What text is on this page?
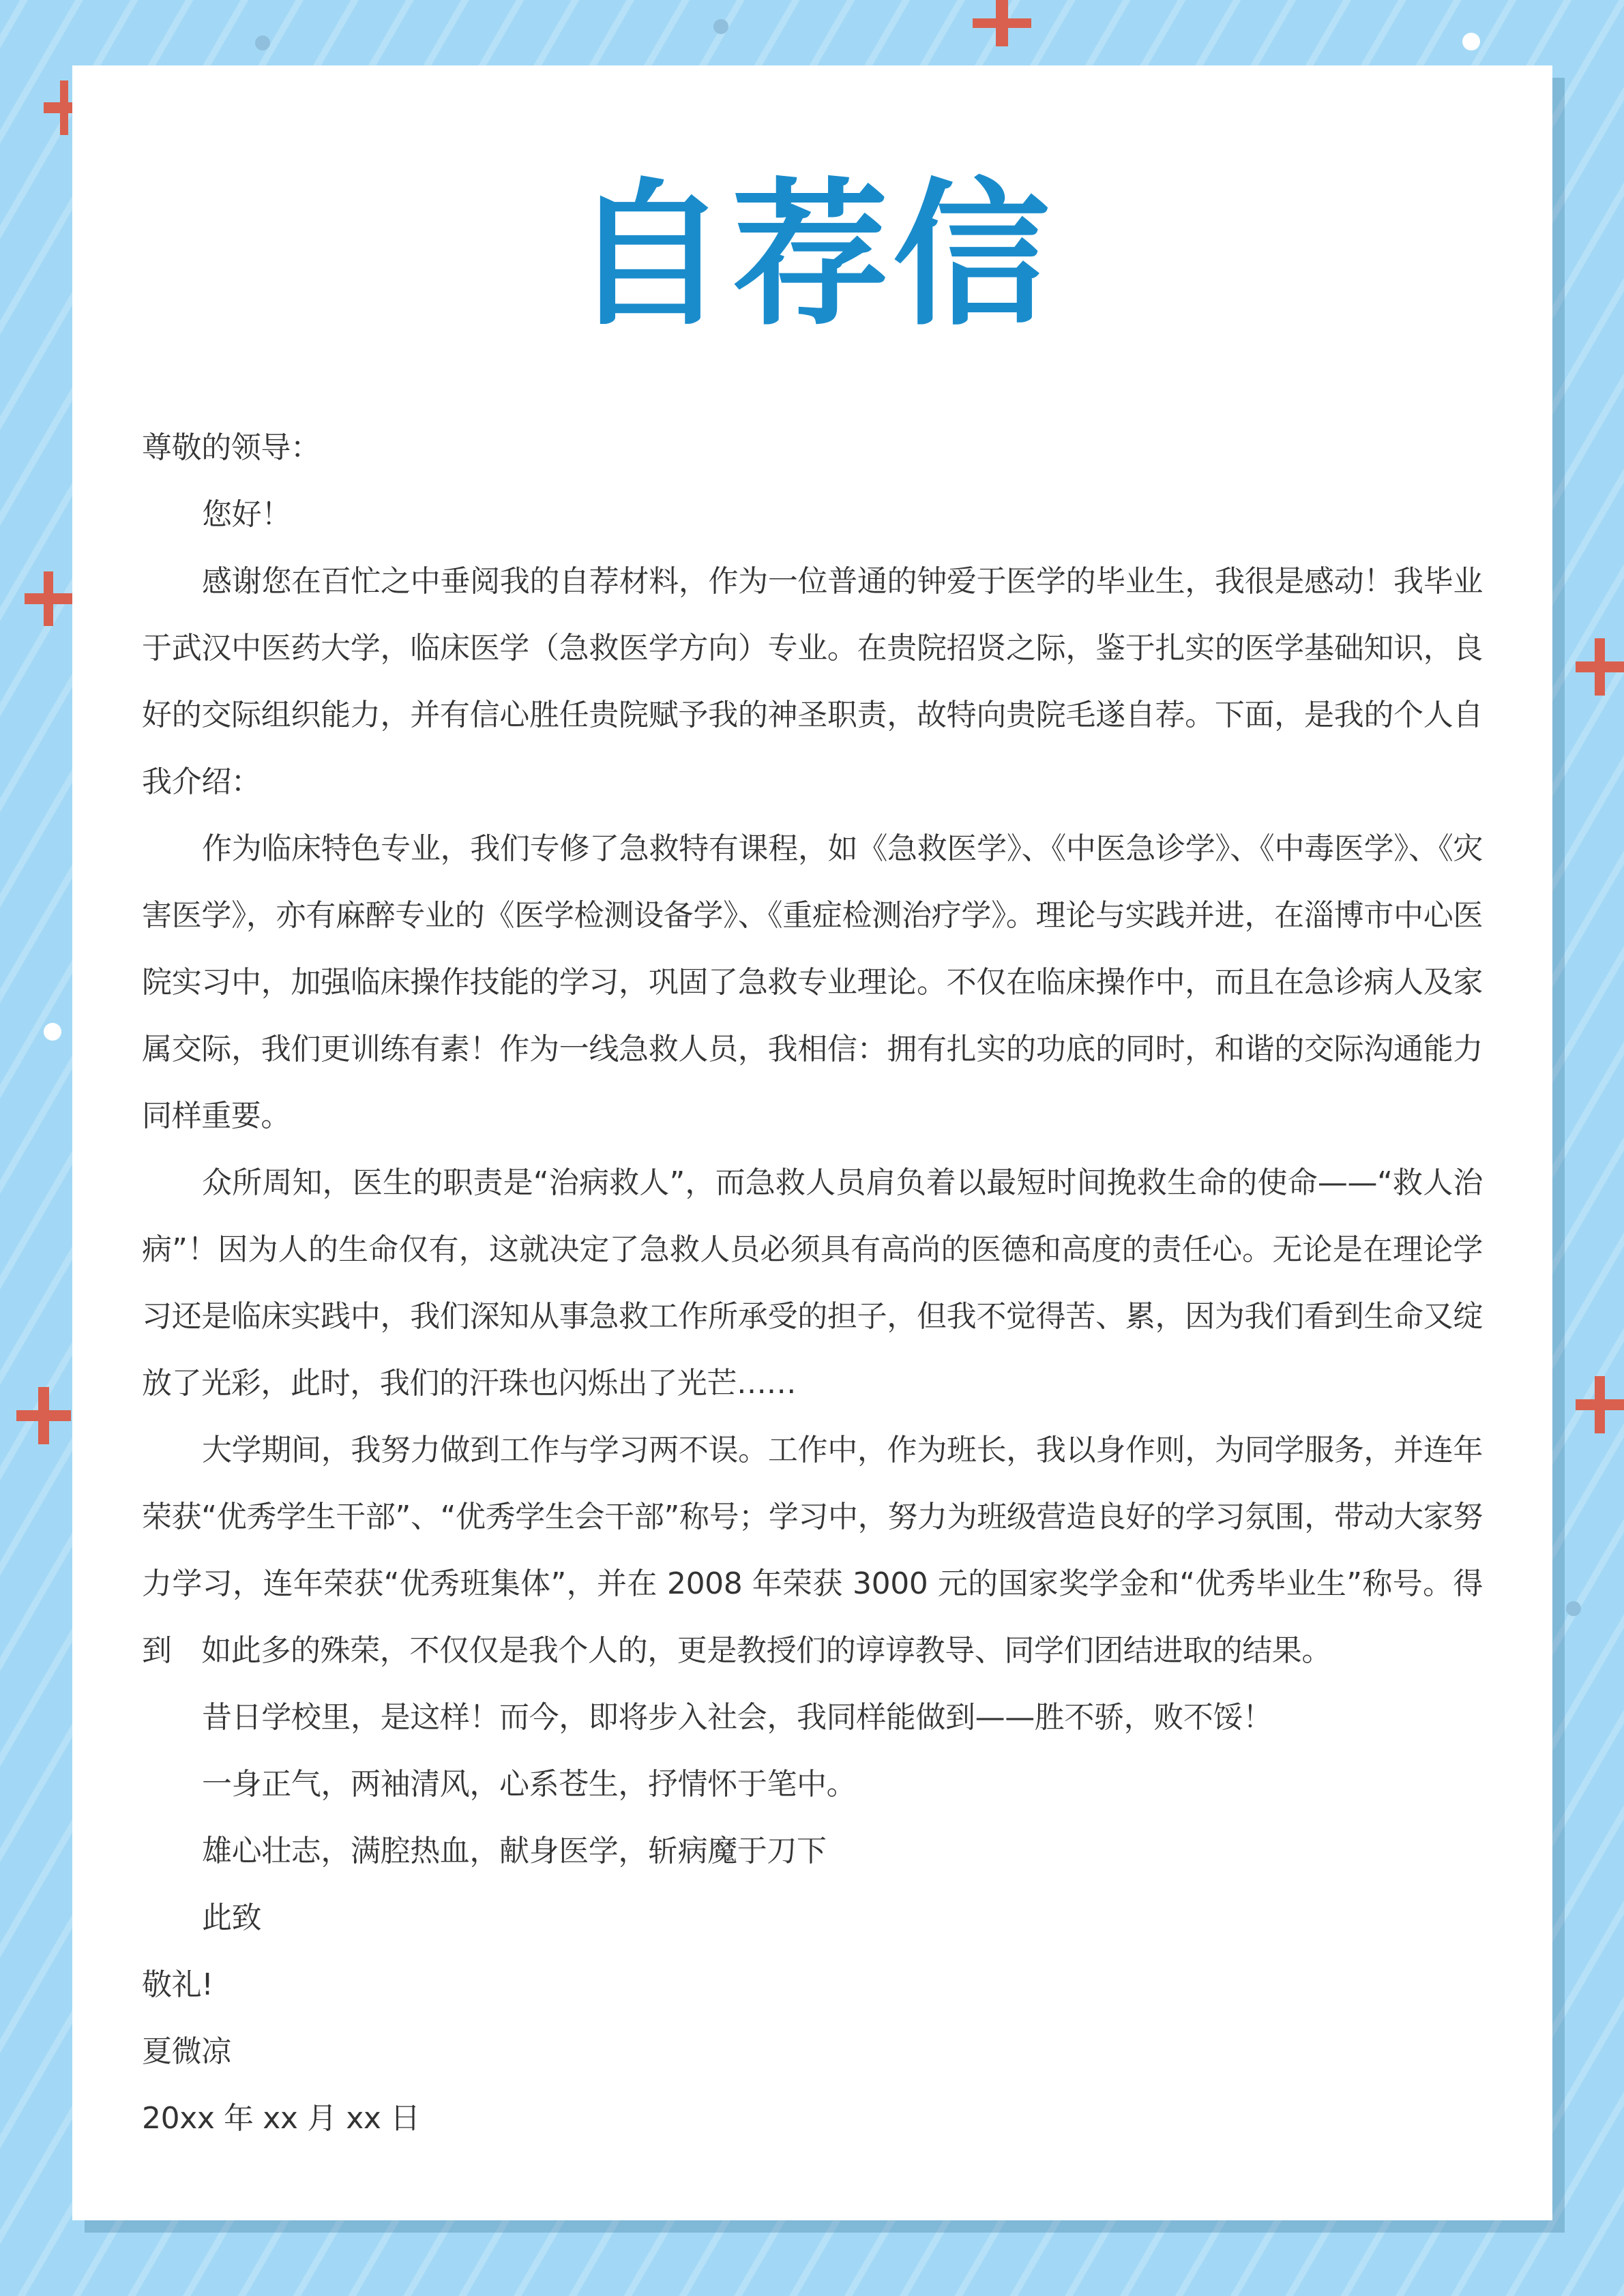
自荐信

尊敬的领导：

您好！

感谢您在百忙之中垂阅我的自荐材料，作为一位普通的钟爱于医学的毕业生，我很是感动！我毕业于武汉中医药大学，临床医学（急救医学方向）专业。在贵院招贤之际，鉴于扎实的医学基础知识，良好的交际组织能力，并有信心胜任贵院赋予我的神圣职责，故特向贵院毛遂自荐。下面，是我的个人自我介绍：

作为临床特色专业，我们专修了急救特有课程，如《急救医学》、《中医急诊学》、《中毒医学》、《灾害医学》，亦有麻醉专业的《医学检测设备学》、《重症检测治疗学》。理论与实践并进，在淄博市中心医院实习中，加强临床操作技能的学习，巩固了急救专业理论。不仅在临床操作中，而且在急诊病人及家属交际，我们更训练有素！作为一线急救人员，我相信：拥有扎实的功底的同时，和谐的交际沟通能力同样重要。

众所周知，医生的职责是“治病救人”，而急救人员肩负着以最短时间挽救生命的使命——“救人治病”！因为人的生命仅有，这就决定了急救人员必须具有高尚的医德和高度的责任心。无论是在理论学习还是临床实践中，我们深知从事急救工作所承受的担子，但我不觉得苦、累，因为我们看到生命又绽放了光彩，此时，我们的汗珠也闪烁出了光芒……

大学期间，我努力做到工作与学习两不误。工作中，作为班长，我以身作则，为同学服务，并连年荣获“优秀学生干部”、“优秀学生会干部”称号；学习中，努力为班级营造良好的学习氛围，带动大家努力学习，连年荣获“优秀班集体”，并在 2008 年荣获 3000 元的国家奖学金和“优秀毕业生”称号。得到　如此多的殊荣，不仅仅是我个人的，更是教授们的谆谆教导、同学们团结进取的结果。

昔日学校里，是这样！而今，即将步入社会，我同样能做到——胜不骄，败不馁！

一身正气，两袖清风，心系苍生，抒情怀于笔中。

雄心壮志，满腔热血，献身医学，斩病魔于刀下

此致

敬礼!

夏微凉

20xx 年 xx 月 xx 日
